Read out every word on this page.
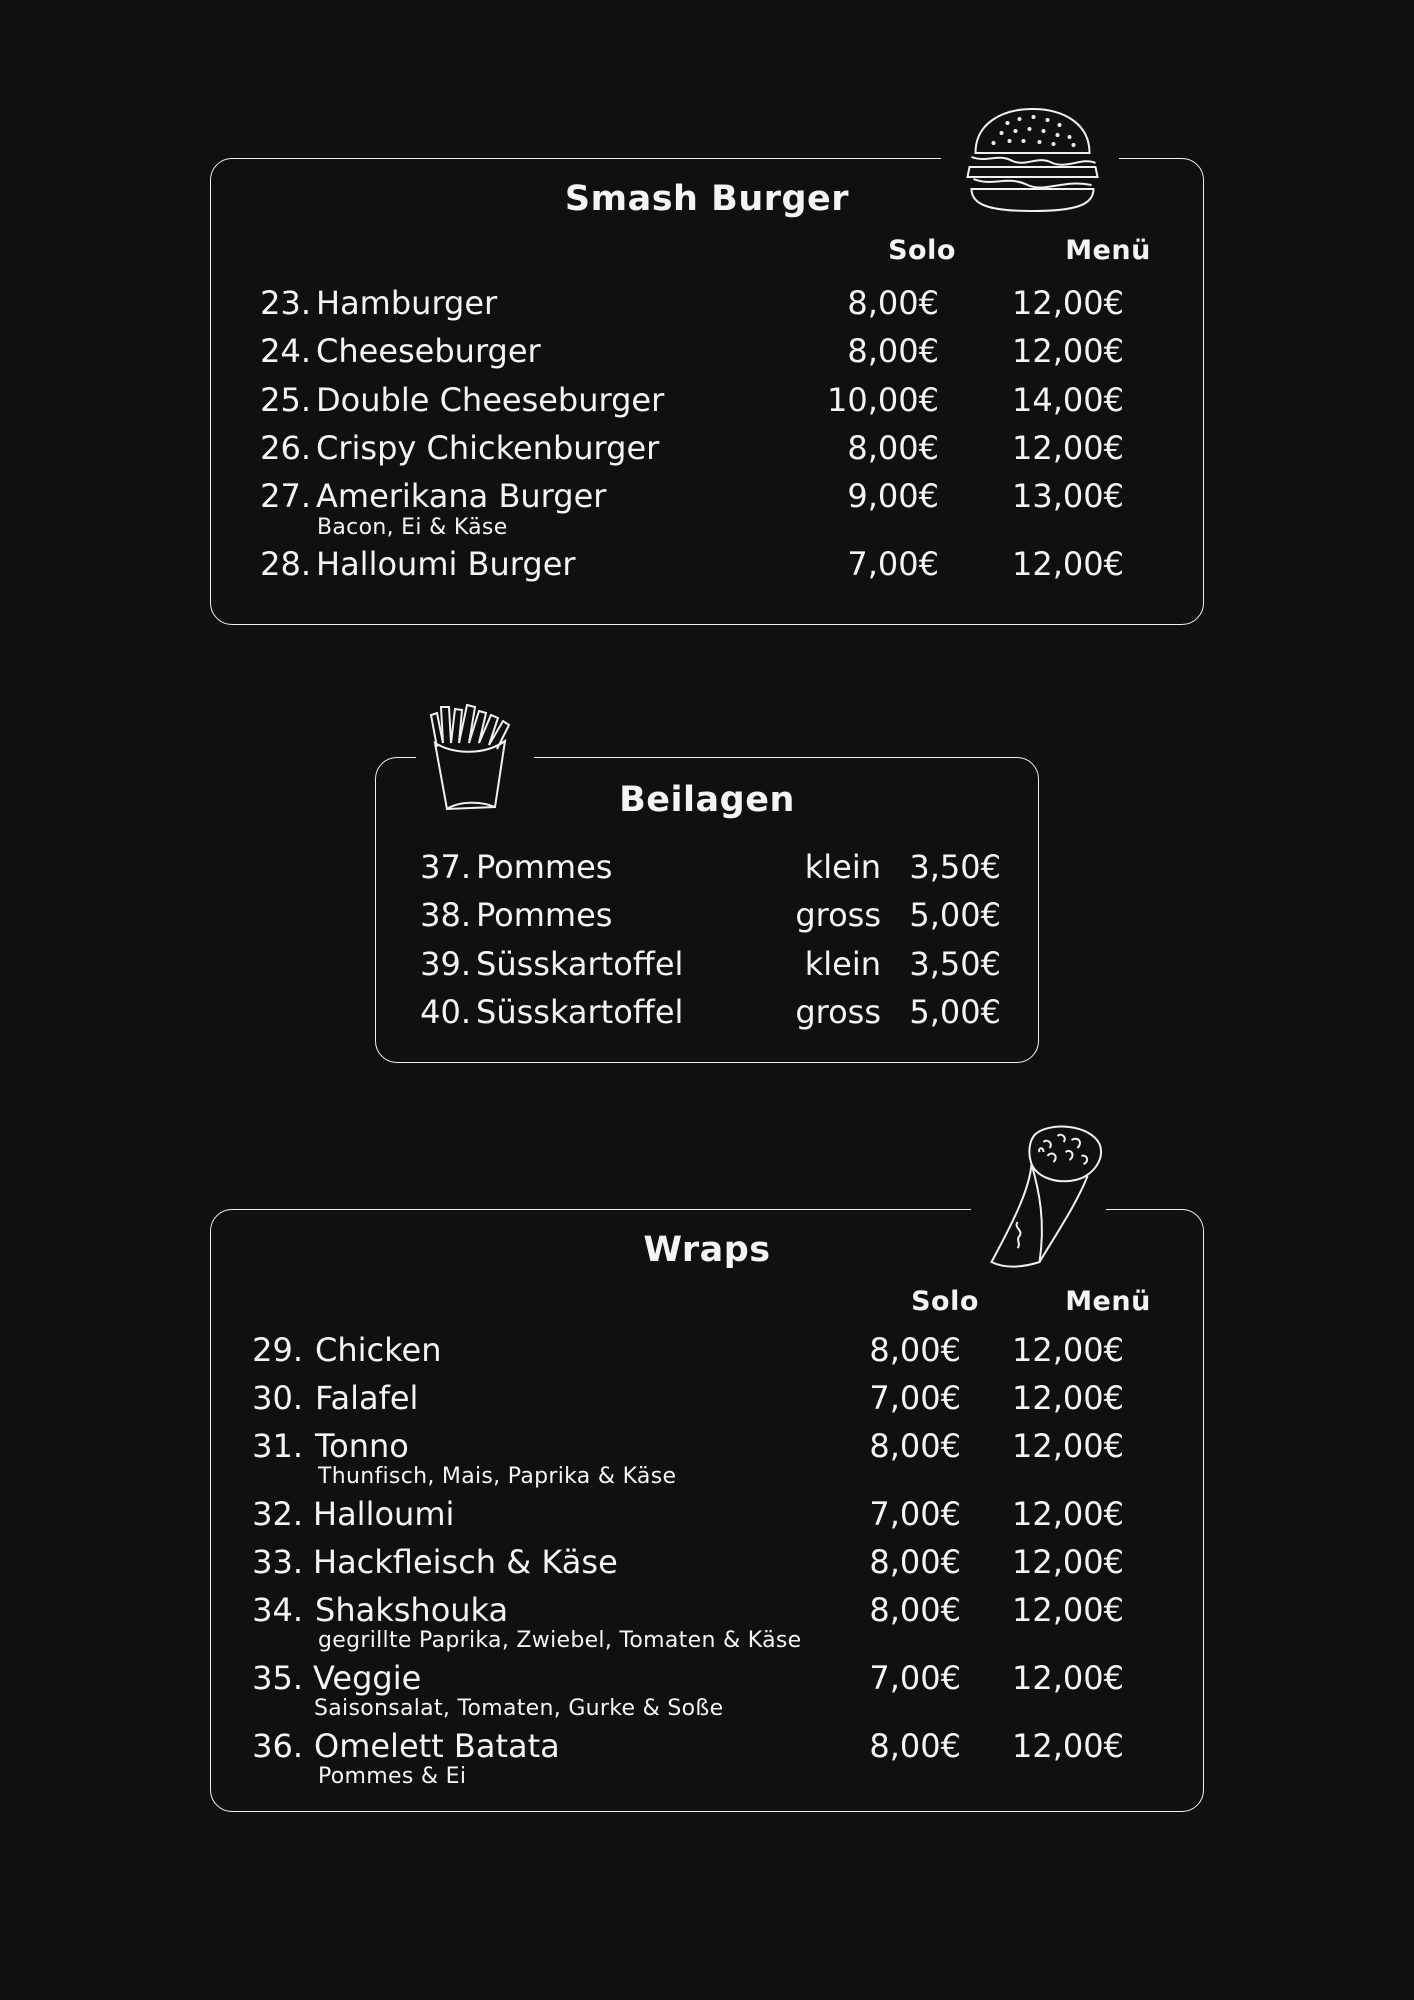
Smash Burger
Solo	Menü
23. Hamburger	8,00€	12,00€
24. Cheeseburger	8,00€	12,00€
25. Double Cheeseburger	10,00€	14,00€
26. Crispy Chickenburger	8,00€	12,00€
27. Amerikana Burger	9,00€	13,00€
Bacon, Ei & Käse
28. Halloumi Burger	7,00€	12,00€
Beilagen
37. Pommes	klein 3,50€
38. Pommes	gross 5,00€
39. Süsskartoffel	klein 3,50€
40. Süsskartoffel	gross 5,00€
Wraps
Solo	Menü
29. Chicken	8,00€	12,00€
30. Falafel	7,00€	12,00€
31. Tonno	8,00€	12,00€
Thunfisch, Mais, Paprika & Käse
32. Halloumi	7,00€	12,00€
33. Hackfleisch & Käse	8,00€	12,00€
34. Shakshouka	8,00€	12,00€
gegrillte Paprika, Zwiebel, Tomaten & Käse
35. Veggie	7,00€	12,00€
Saisonsalat, Tomaten, Gurke & Soße
36. Omelett Batata	8,00€	12,00€
Pommes & Ei
